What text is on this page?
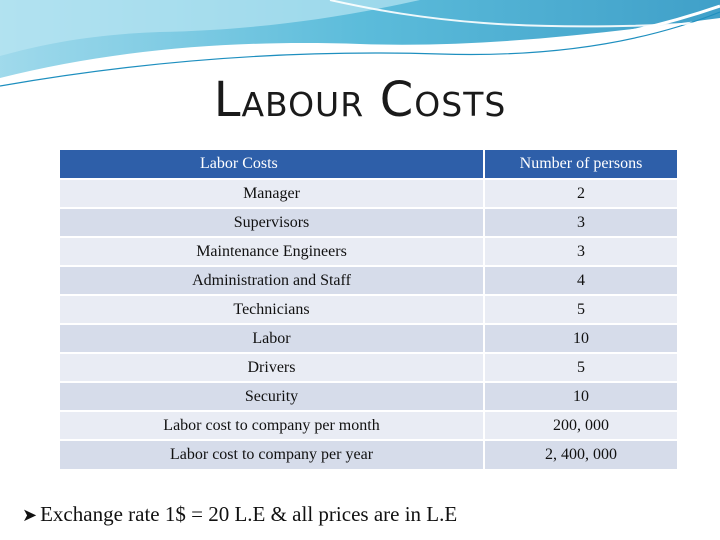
LABOUR COSTS
Labor Costs	Number of persons
Manager	2
Supervisors	3
Maintenance Engineers	3
Administration and Staff	4
Technicians	5
Labor	10
Drivers	5
Security	10
Labor cost to company per month	200, 000
Labor cost to company per year	2, 400, 000
➤ Exchange rate 1$ = 20 L.E & all prices are in L.E
